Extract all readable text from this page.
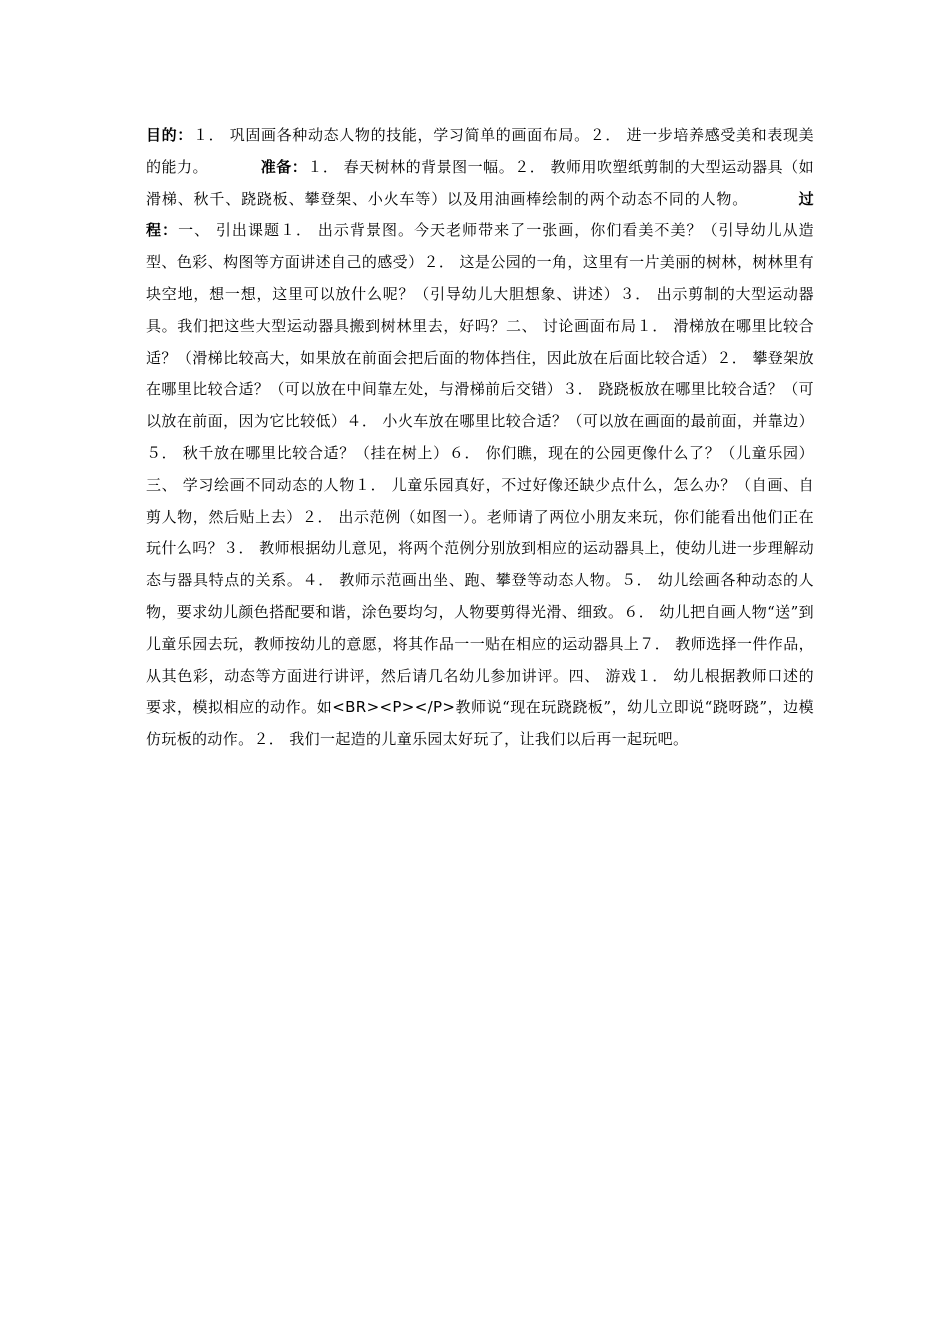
目的：１． 巩固画各种动态人物的技能，学习简单的画面布局。２． 进一步培养感受美和表现美的能力。	准备：１． 春天树林的背景图一幅。２． 教师用吹塑纸剪制的大型运动器具（如滑梯、秋千、跷跷板、攀登架、小火车等）以及用油画棒绘制的两个动态不同的人物。	过程：一、 引出课题１． 出示背景图。今天老师带来了一张画，你们看美不美？（引导幼儿从造型、色彩、构图等方面讲述自己的感受）２． 这是公园的一角，这里有一片美丽的树林，树林里有块空地，想一想，这里可以放什么呢？（引导幼儿大胆想象、讲述）３． 出示剪制的大型运动器具。我们把这些大型运动器具搬到树林里去，好吗？二、 讨论画面布局１． 滑梯放在哪里比较合适？（滑梯比较高大，如果放在前面会把后面的物体挡住，因此放在后面比较合适）２． 攀登架放在哪里比较合适？（可以放在中间靠左处，与滑梯前后交错）３． 跷跷板放在哪里比较合适？（可以放在前面，因为它比较低）４． 小火车放在哪里比较合适？（可以放在画面的最前面，并靠边）５． 秋千放在哪里比较合适？（挂在树上）６． 你们瞧，现在的公园更像什么了？（儿童乐园）三、 学习绘画不同动态的人物１． 儿童乐园真好，不过好像还缺少点什么，怎么办？（自画、自剪人物，然后贴上去）２． 出示范例（如图一）。老师请了两位小朋友来玩，你们能看出他们正在玩什么吗？３． 教师根据幼儿意见，将两个范例分别放到相应的运动器具上，使幼儿进一步理解动态与器具特点的关系。４． 教师示范画出坐、跑、攀登等动态人物。５． 幼儿绘画各种动态的人物，要求幼儿颜色搭配要和谐，涂色要均匀，人物要剪得光滑、细致。６． 幼儿把自画人物“送”到儿童乐园去玩，教师按幼儿的意愿，将其作品一一贴在相应的运动器具上７． 教师选择一件作品，从其色彩，动态等方面进行讲评，然后请几名幼儿参加讲评。四、 游戏１． 幼儿根据教师口述的要求，模拟相应的动作。如<BR><P></P>教师说“现在玩跷跷板”，幼儿立即说“跷呀跷”，边模仿玩板的动作。２． 我们一起造的儿童乐园太好玩了，让我们以后再一起玩吧。
